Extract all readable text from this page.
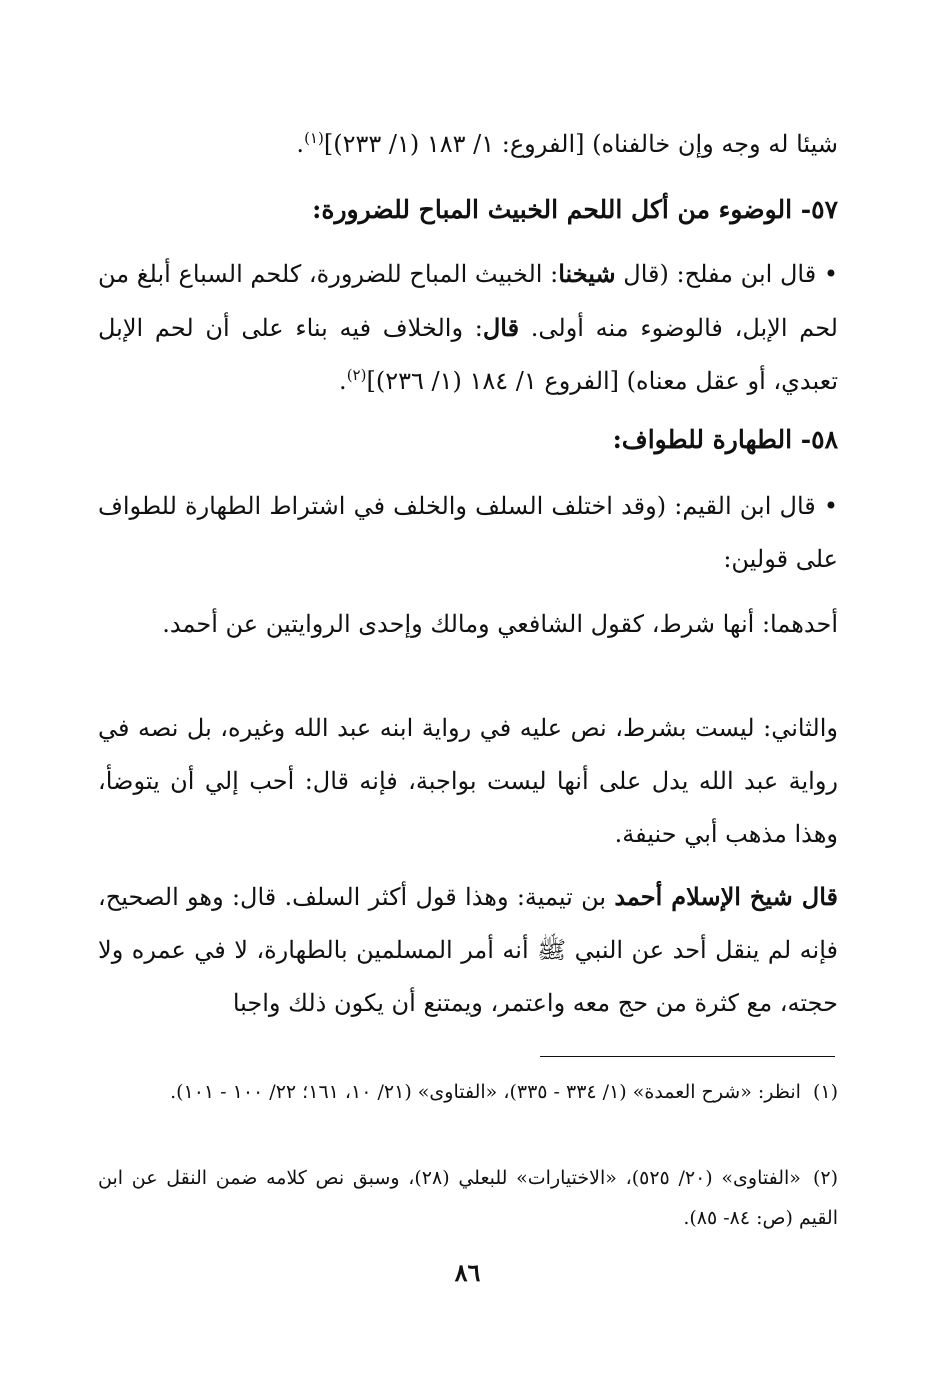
شيئا له وجه وإن خالفناه) [الفروع: ١/ ١٨٣ (١/ ٢٣٣)]$^{(١)}$.

٥٧- الوضوء من أكل اللحم الخبيث المباح للضرورة:

• قال ابن مفلح: (قال شيخنا: الخبيث المباح للضرورة، كلحم السباع أبلغ من لحم الإبل، فالوضوء منه أولى. قال: والخلاف فيه بناء على أن لحم الإبل تعبدي، أو عقل معناه) [الفروع ١/ ١٨٤ (١/ ٢٣٦)]$^{(٢)}$.

٥٨- الطهارة للطواف:

• قال ابن القيم: (وقد اختلف السلف والخلف في اشتراط الطهارة للطواف على قولين:

أحدهما: أنها شرط، كقول الشافعي ومالك وإحدى الروايتين عن أحمد.

والثاني: ليست بشرط، نص عليه في رواية ابنه عبد الله وغيره، بل نصه في رواية عبد الله يدل على أنها ليست بواجبة، فإنه قال: أحب إلي أن يتوضأ، وهذا مذهب أبي حنيفة.

قال شيخ الإسلام أحمد بن تيمية: وهذا قول أكثر السلف. قال: وهو الصحيح، فإنه لم ينقل أحد عن النبي ﷺ أنه أمر المسلمين بالطهارة، لا في عمره ولا حجته، مع كثرة من حج معه واعتمر، ويمتنع أن يكون ذلك واجبا

(١)انظر: «شرح العمدة» (١/ ٣٣٤ - ٣٣٥)، «الفتاوى» (٢١/ ١٠، ١٦١؛ ٢٢/ ١٠٠ - ١٠١).

(٢)«الفتاوى» (٢٠/ ٥٢٥)، «الاختيارات» للبعلي (٢٨)، وسبق نص كلامه ضمن النقل عن ابن القيم (ص: ٨٤- ٨٥).

٨٦
